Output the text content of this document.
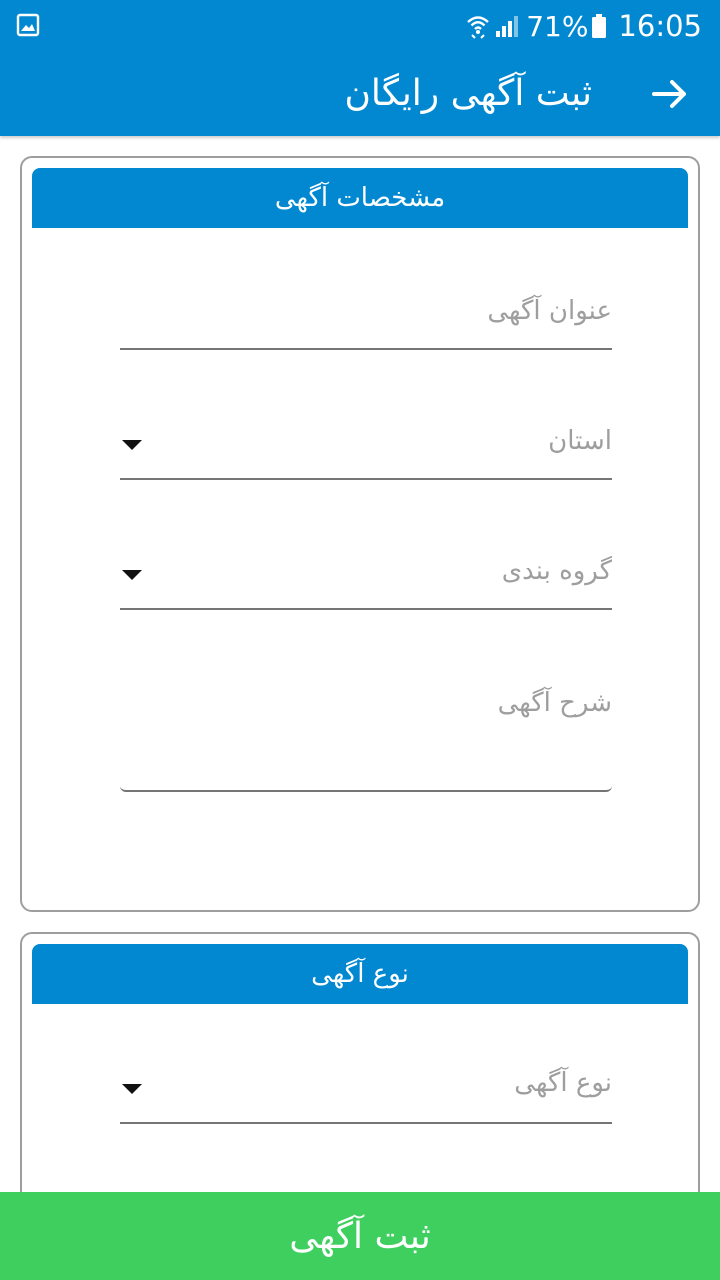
71% 16:05
ثبت آگهی رایگان
مشخصات آگهی
عنوان آگهی
استان
گروه بندی
شرح آگهی
نوع آگهی
نوع آگهی
ثبت آگهی
